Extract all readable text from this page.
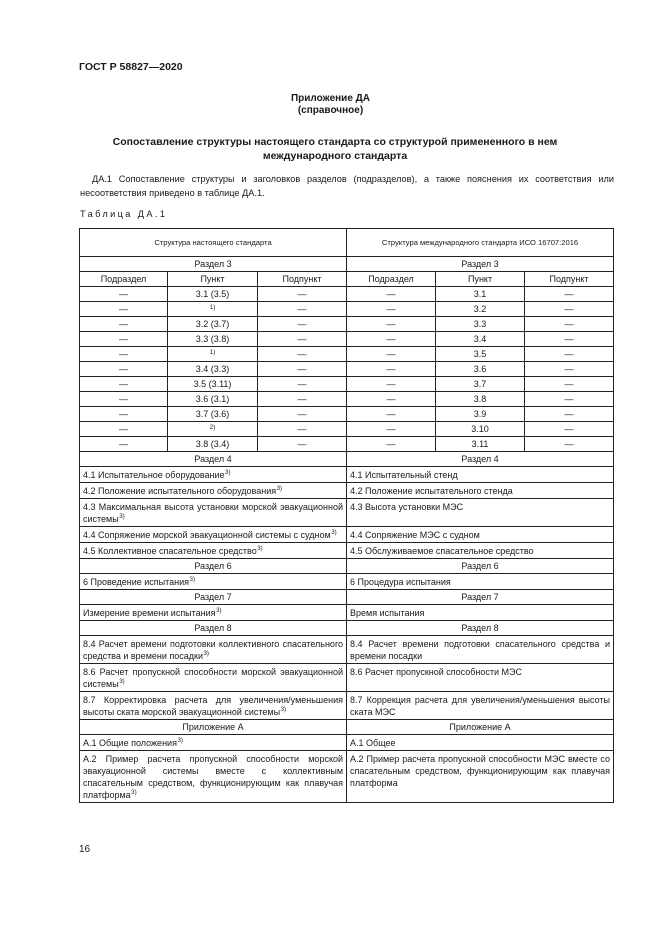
ГОСТ Р 58827—2020
Приложение ДА
(справочное)
Сопоставление структуры настоящего стандарта со структурой примененного в нем
международного стандарта
ДА.1 Сопоставление структуры и заголовков разделов (подразделов), а также пояснения их соответствия или несоответствия приведено в таблице ДА.1.
Таблица ДА.1
Структура настоящего стандарта			Структура международного стандарта ИСО 16707:2016		
Раздел 3			Раздел 3		
Подраздел	Пункт	Подпункт	Подраздел	Пункт	Подпункт
—	3.1 (3.5)	—	—	3.1	—
—	1)	—	—	3.2	—
—	3.2 (3.7)	—	—	3.3	—
—	3.3 (3.8)	—	—	3.4	—
—	1)	—	—	3.5	—
—	3.4 (3.3)	—	—	3.6	—
—	3.5 (3.11)	—	—	3.7	—
—	3.6 (3.1)	—	—	3.8	—
—	3.7 (3.6)	—	—	3.9	—
—	2)	—	—	3.10	—
—	3.8 (3.4)	—	—	3.11	—
Раздел 4			Раздел 4		
4.1 Испытательное оборудование$^{3)}$			4.1 Испытательный стенд		
4.2 Положение испытательного оборудования$^{3)}$			4.2 Положение испытательного стенда		
4.3 Максимальная высота установки морской эвакуационной системы$^{3)}$			4.3 Высота установки МЭС		
4.4 Сопряжение морской эвакуационной системы с судном$^{3)}$			4.4 Сопряжение МЭС с судном		
4.5 Коллективное спасательное средство$^{3)}$			4.5 Обслуживаемое спасательное средство		
Раздел 6			Раздел 6		
6 Проведение испытания$^{3)}$			6 Процедура испытания		
Раздел 7			Раздел 7		
Измерение времени испытания$^{3)}$			Время испытания		
Раздел 8			Раздел 8		
8.4 Расчет времени подготовки коллективного спасательного средства и времени посадки$^{3)}$			8.4 Расчет времени подготовки спасательного средства и времени посадки		
8.6 Расчет пропускной способности морской эвакуационной системы$^{3)}$			8.6 Расчет пропускной способности МЭС		
8.7 Корректировка расчета для увеличения/уменьшения высоты ската морской эвакуационной системы$^{3)}$			8.7 Коррекция расчета для увеличения/уменьшения высоты ската МЭС		
Приложение А			Приложение А		
А.1 Общие положения$^{3)}$			А.1 Общее		
А.2 Пример расчета пропускной способности морской эвакуационной системы вместе с коллективным спасательным средством, функционирующим как плавучая платформа$^{3)}$			А.2 Пример расчета пропускной способности МЭС вместе со спасательным средством, функционирующим как плавучая платформа		
16
